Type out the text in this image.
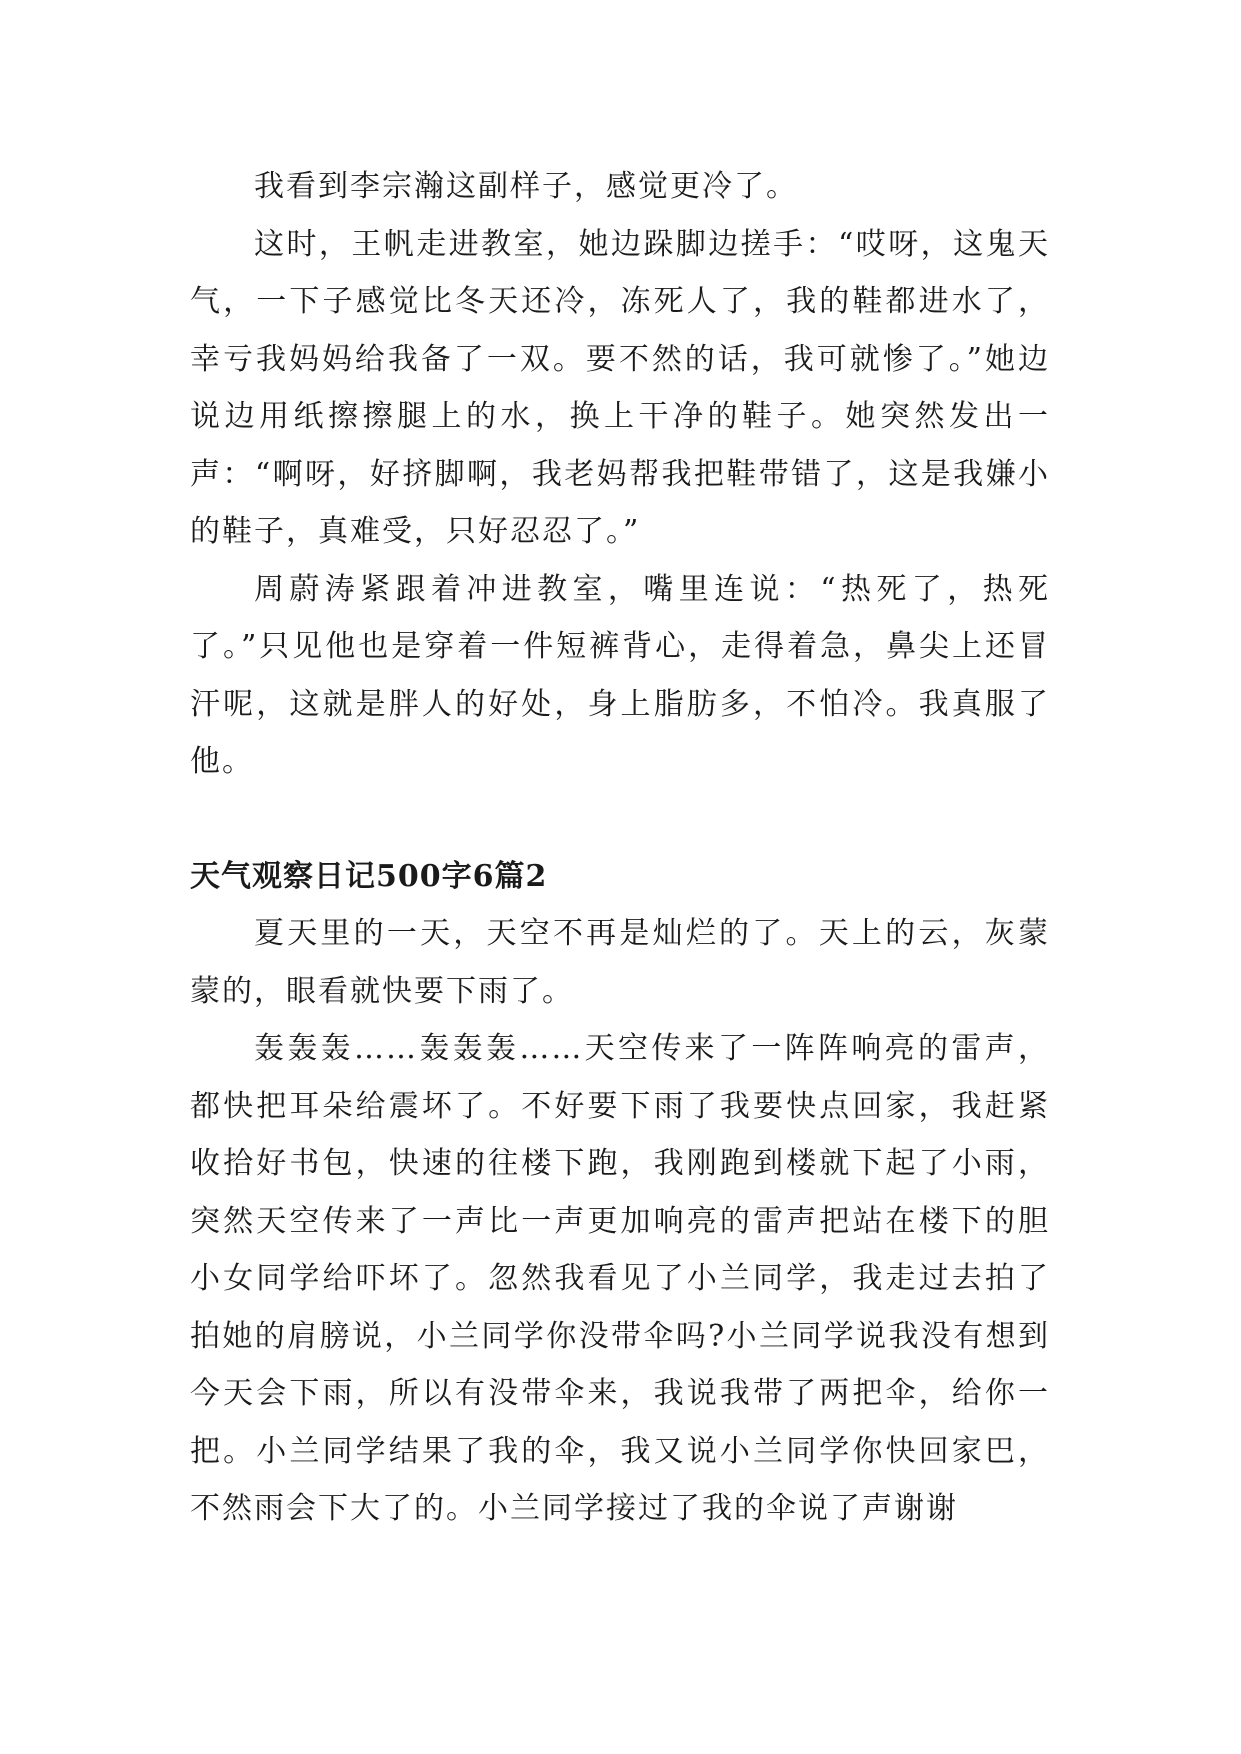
我看到李宗瀚这副样子，感觉更冷了。

这时，王帆走进教室，她边跺脚边搓手：“哎呀，这鬼天气，一下子感觉比冬天还冷，冻死人了，我的鞋都进水了，幸亏我妈妈给我备了一双。要不然的话，我可就惨了。”她边说边用纸擦擦腿上的水，换上干净的鞋子。她突然发出一声：“啊呀，好挤脚啊，我老妈帮我把鞋带错了，这是我嫌小的鞋子，真难受，只好忍忍了。”

周蔚涛紧跟着冲进教室，嘴里连说：“热死了，热死了。”只见他也是穿着一件短裤背心，走得着急，鼻尖上还冒汗呢，这就是胖人的好处，身上脂肪多，不怕冷。我真服了他。

天气观察日记500字6篇2

夏天里的一天，天空不再是灿烂的了。天上的云，灰蒙蒙的，眼看就快要下雨了。

轰轰轰……轰轰轰……天空传来了一阵阵响亮的雷声，都快把耳朵给震坏了。不好要下雨了我要快点回家，我赶紧收拾好书包，快速的往楼下跑，我刚跑到楼就下起了小雨，突然天空传来了一声比一声更加响亮的雷声把站在楼下的胆小女同学给吓坏了。忽然我看见了小兰同学，我走过去拍了拍她的肩膀说，小兰同学你没带伞吗?小兰同学说我没有想到今天会下雨，所以有没带伞来，我说我带了两把伞，给你一把。小兰同学结果了我的伞，我又说小兰同学你快回家巴，不然雨会下大了的。小兰同学接过了我的伞说了声谢谢
